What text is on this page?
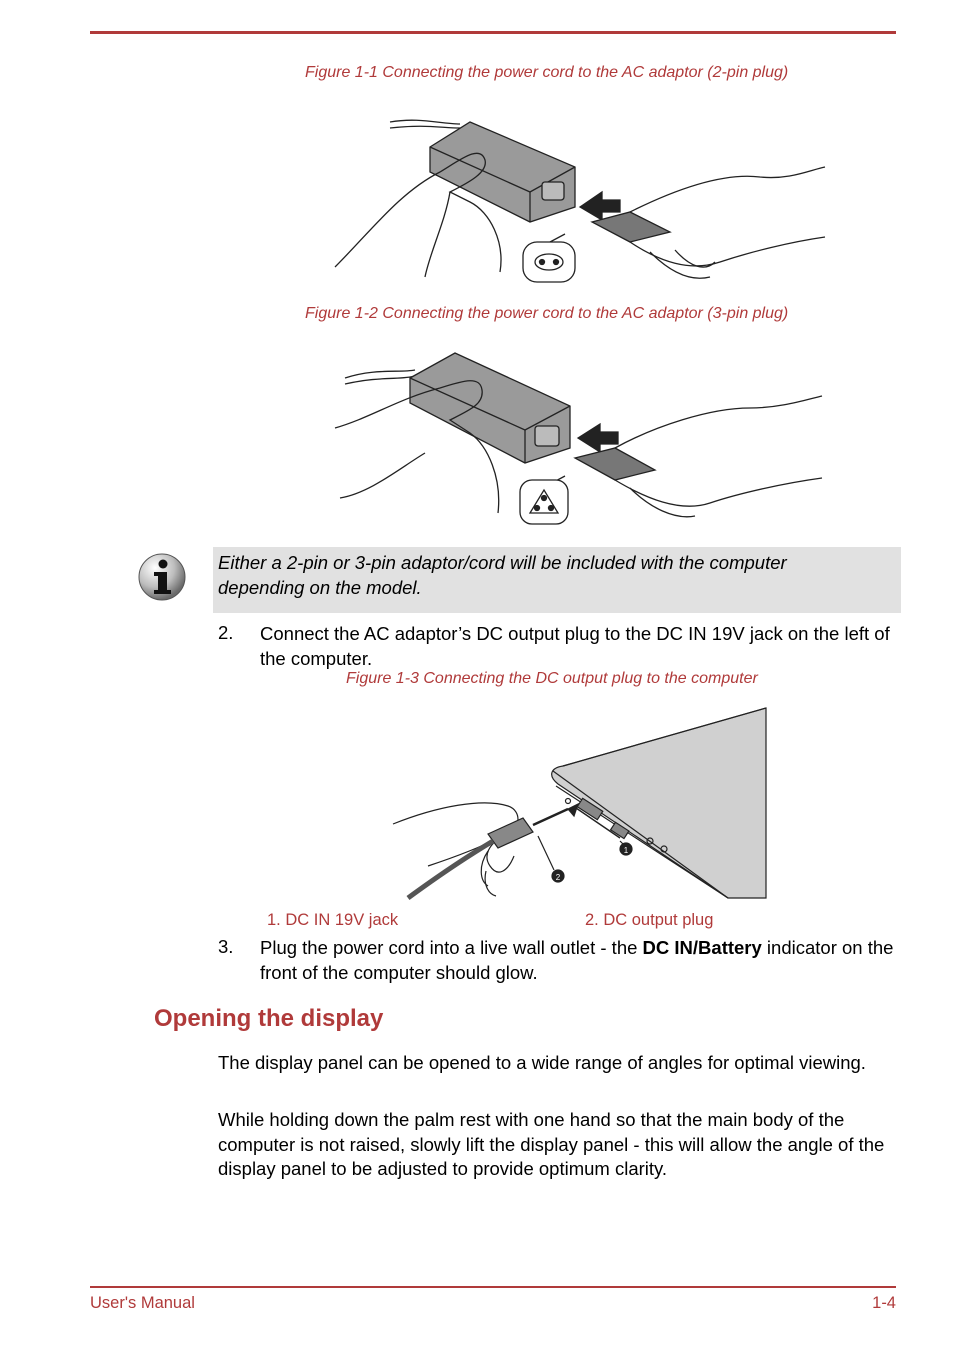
Figure 1-1 Connecting the power cord to the AC adaptor (2-pin plug)
Figure 1-2 Connecting the power cord to the AC adaptor (3-pin plug)
Either a 2-pin or 3-pin adaptor/cord will be included with the computer depending on the model.
2. Connect the AC adaptor’s DC output plug to the DC IN 19V jack on the left of the computer.
Figure 1-3 Connecting the DC output plug to the computer
1
2
1. DC IN 19V jack	2. DC output plug
3. Plug the power cord into a live wall outlet - the DC IN/Battery indicator on the front of the computer should glow.
Opening the display
The display panel can be opened to a wide range of angles for optimal viewing.
While holding down the palm rest with one hand so that the main body of the computer is not raised, slowly lift the display panel - this will allow the angle of the display panel to be adjusted to provide optimum clarity.
User's Manual	1-4
